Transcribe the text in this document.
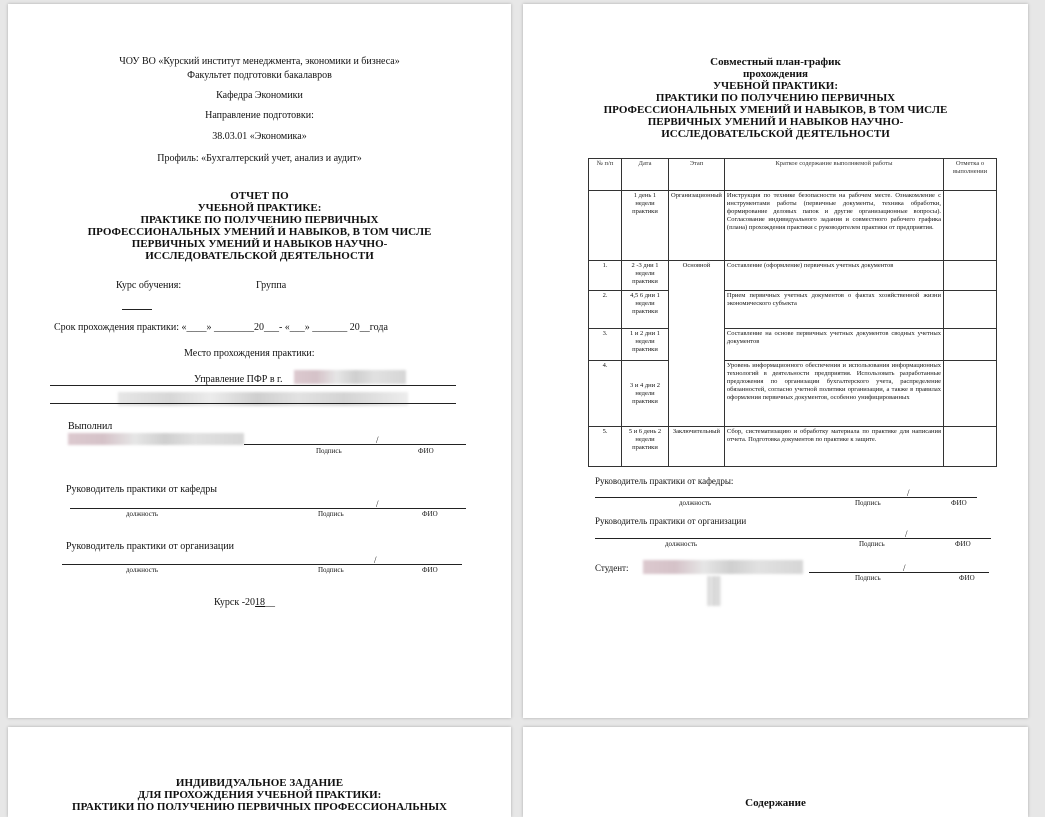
ЧОУ ВО «Курский институт менеджмента, экономики и бизнеса»
Факультет подготовки бакалавров
Кафедра Экономики
Направление подготовки:
38.03.01 «Экономика»
Профиль: «Бухгалтерский учет, анализ и аудит»
ОТЧЕТ ПО
УЧЕБНОЙ ПРАКТИКЕ:
ПРАКТИКЕ ПО ПОЛУЧЕНИЮ ПЕРВИЧНЫХ
ПРОФЕССИОНАЛЬНЫХ УМЕНИЙ И НАВЫКОВ, В ТОМ ЧИСЛЕ
ПЕРВИЧНЫХ УМЕНИЙ И НАВЫКОВ НАУЧНО-
ИССЛЕДОВАТЕЛЬСКОЙ ДЕЯТЕЛЬНОСТИ
Курс обучения:	Группа
Срок прохождения практики: «____» ________20___- «___» _______ 20__года
Место прохождения практики:
Управление ПФР в г.
Выполнил
/
Подпись	ФИО
Руководитель практики от кафедры
/
должность	Подпись	ФИО
Руководитель практики от организации
/
должность	Подпись	ФИО
Курск -2018__
Совместный план-график
прохождения
УЧЕБНОЙ ПРАКТИКИ:
ПРАКТИКИ ПО ПОЛУЧЕНИЮ ПЕРВИЧНЫХ
ПРОФЕССИОНАЛЬНЫХ УМЕНИЙ И НАВЫКОВ, В ТОМ ЧИСЛЕ
ПЕРВИЧНЫХ УМЕНИЙ И НАВЫКОВ НАУЧНО-
ИССЛЕДОВАТЕЛЬСКОЙ ДЕЯТЕЛЬНОСТИ
№ п/п	Дата	Этап	Краткое содержание выполняемой работы	Отметка о выполнении
	1 день 1 недели практики	Организационный	Инструкция по технике безопасности на рабочем месте. Ознакомление с инструментами работы (первичные документы, техника обработки, формирование деловых папок и другие организационные вопросы). Согласование индивидуального задания и совместного рабочего графика (плана) прохождения практики с руководителем практики от предприятия.	
1.	2 -3 дни 1 недели практики	Основной	Составление (оформление) первичных учетных документов	
2.	4,5 6 дни 1 недели практики		Прием первичных учетных документов о фактах хозяйственной жизни экономического субъекта	
3.	1 и 2 дни 1 недели практики		Составление на основе первичных учетных документов сводных учетных документов	
4.	3 и 4 дни 2 недели практики		Уровень информационного обеспечения и использования информационных технологий в деятельности предприятия. Использовать разработанные предложения по организации бухгалтерского учета, распределение обязанностей, согласно учетной политики организации, а также в правилах оформления первичных документов, особенно унифицированных	
5.	5 и 6 день 2 недели практики	Заключительный	Сбор, систематизацию и обработку материала по практике для написания отчета. Подготовка документов по практике к защите.	
Руководитель практики от кафедры:
/
должность	Подпись	ФИО
Руководитель практики от организации
/
должность	Подпись	ФИО
Студент:	/
Подпись	ФИО
ИНДИВИДУАЛЬНОЕ ЗАДАНИЕ
ДЛЯ ПРОХОЖДЕНИЯ УЧЕБНОЙ ПРАКТИКИ:
ПРАКТИКИ ПО ПОЛУЧЕНИЮ ПЕРВИЧНЫХ ПРОФЕССИОНАЛЬНЫХ	Содержание
